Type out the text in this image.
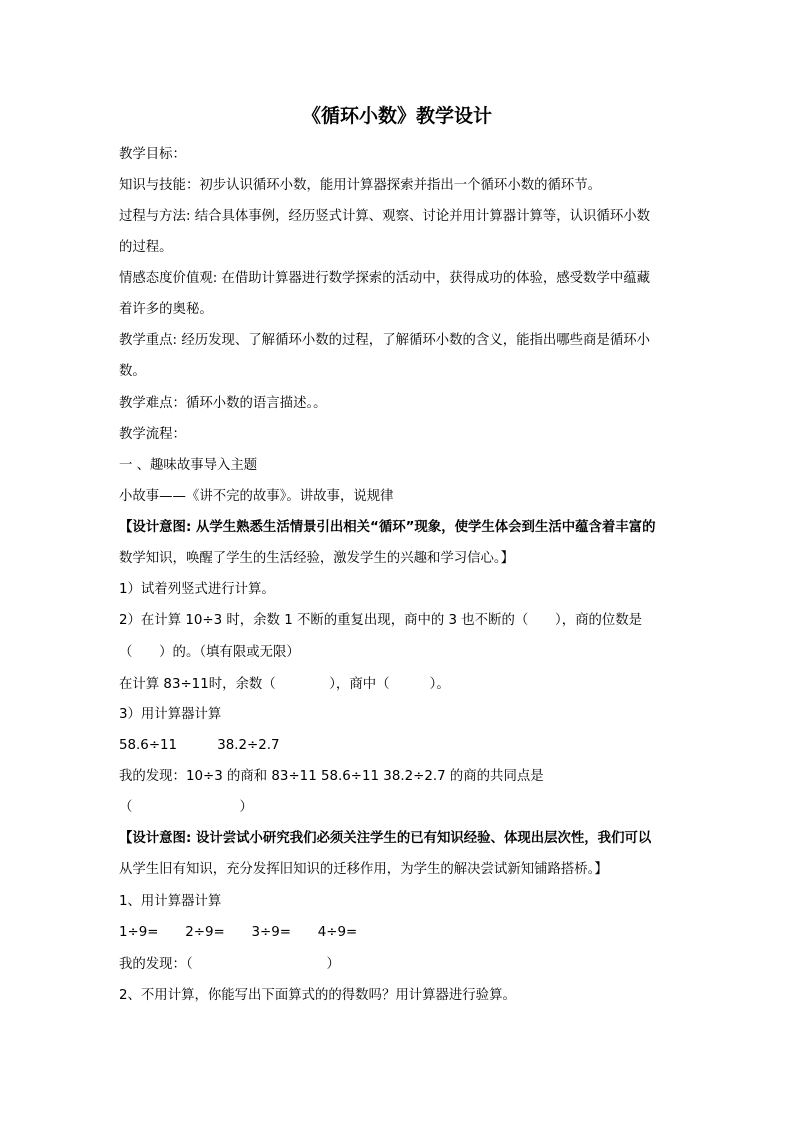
《循环小数》教学设计
教学目标：
知识与技能：初步认识循环小数，能用计算器探索并指出一个循环小数的循环节。
过程与方法: 结合具体事例，经历竖式计算、观察、讨论并用计算器计算等，认识循环小数
的过程。
情感态度价值观: 在借助计算器进行数学探索的活动中，获得成功的体验，感受数学中蕴藏
着许多的奥秘。
教学重点: 经历发现、了解循环小数的过程，了解循环小数的含义，能指出哪些商是循环小
数。
教学难点：循环小数的语言描述。。
教学流程：
一 、趣味故事导入主题
小故事——《讲不完的故事》。讲故事，说规律
【设计意图: 从学生熟悉生活情景引出相关“循环”现象，使学生体会到生活中蕴含着丰富的
数学知识，唤醒了学生的生活经验，激发学生的兴趣和学习信心。】
1）试着列竖式进行计算。
2）在计算 10÷3 时，余数 1 不断的重复出现，商中的 3 也不断的（　　），商的位数是
（　　）的。（填有限或无限）
在计算 83÷11时，余数（　　　　），商中（　　　）。
3）用计算器计算
58.6÷11　　　38.2÷2.7
我的发现：10÷3 的商和 83÷11 58.6÷11 38.2÷2.7 的商的共同点是
（　　　　　　　　）
【设计意图: 设计尝试小研究我们必须关注学生的已有知识经验、体现出层次性，我们可以
从学生旧有知识，充分发挥旧知识的迁移作用，为学生的解决尝试新知铺路搭桥。】
1、用计算器计算
1÷9=　　2÷9=　　3÷9=　　4÷9=
我的发现：（　　　　　　　　　　）
2、不用计算，你能写出下面算式的的得数吗？用计算器进行验算。
